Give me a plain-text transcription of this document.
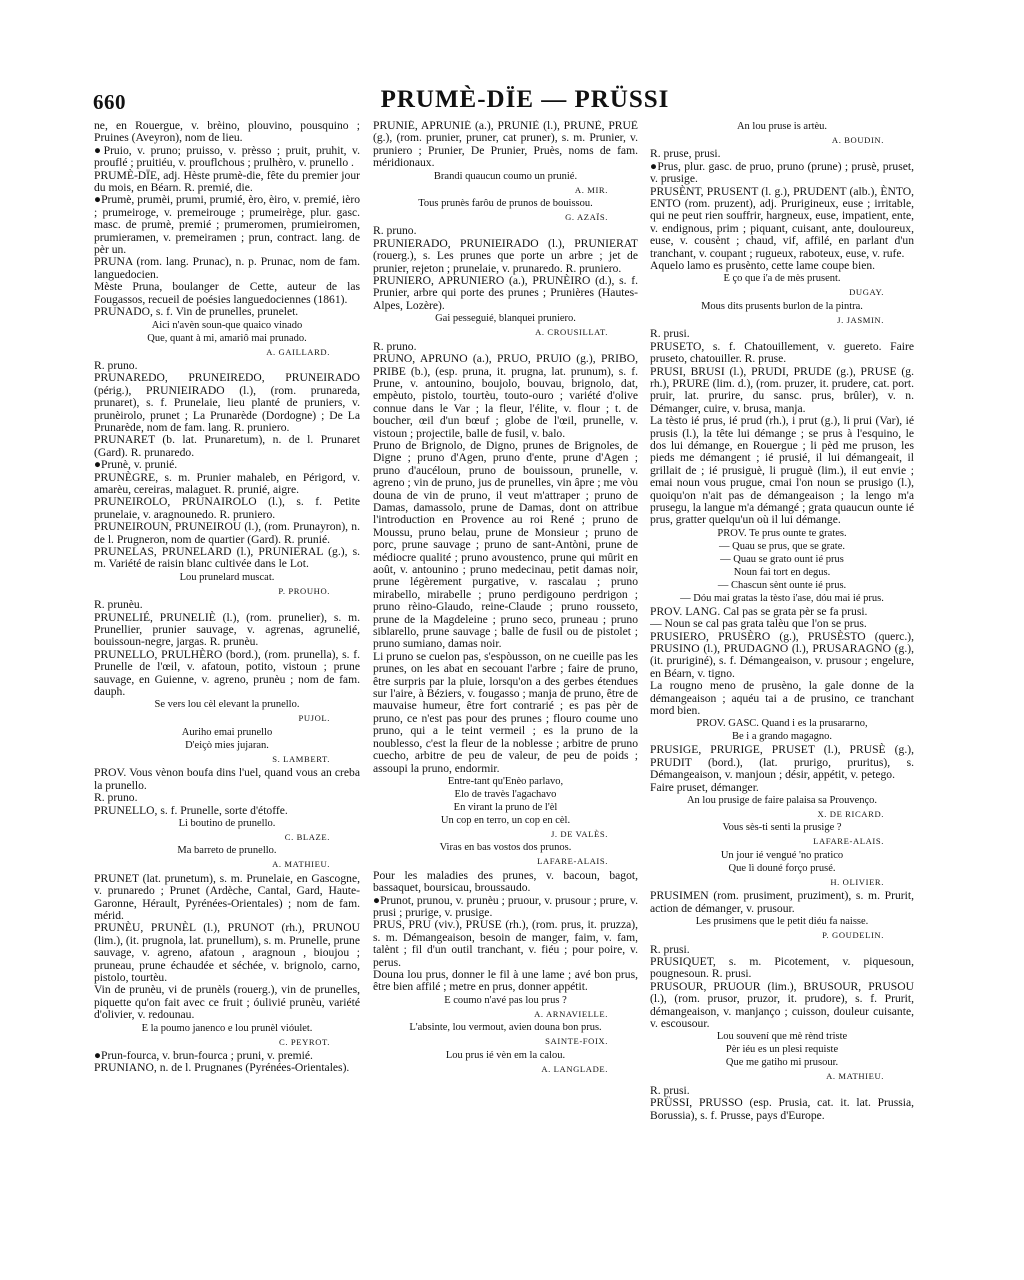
660	PRUMÈ-DÏE — PRÜSSI

ne, en Rouergue, v. brèino, plouvino, pousquino ; Pruines (Aveyron), nom de lieu.

●Pruio, v. pruno; pruisso, v. prèsso ; pruit, pruhit, v. prouflé ; pruitiéu, v. prouflchous ; prulhèro, v. prunello .

PRUMÈ-DÏE, adj. Hèste prumè-die, fête du premier jour du mois, en Béarn. R. premié, die.

●Prumè, prumèi, prumi, prumié, èro, èiro, v. premié, ièro ; prumeiroge, v. premeirouge ; prumeirège, plur. gasc. masc. de prumè, premié ; prumeromen, prumieiromen, prumieramen, v. premeiramen ; prun, contract. lang. de pèr un.

PRUNA (rom. lang. Prunac), n. p. Prunac, nom de fam. languedocien.

Mèste Pruna, boulanger de Cette, auteur de las Fougassos, recueil de poésies languedociennes (1861).

PRUNADO, s. f. Vin de prunelles, prunelet.

Aici n'avèn soun-que quaico vinado

Que, quant à mi, amariô mai prunado.

A. GAILLARD.

R. pruno.

PRUNAREDO, PRUNEIREDO, PRUNEIRADO (périg.), PRUNIEIRADO (l.), (rom. prunareda, prunaret), s. f. Prunelaie, lieu planté de pruniers, v. prunèirolo, prunet ; La Prunarède (Dordogne) ; De La Prunarède, nom de fam. lang. R. pruniero.

PRUNARET (b. lat. Prunaretum), n. de l. Prunaret (Gard). R. prunaredo.

●Prunè, v. prunié.

PRUNÈGRE, s. m. Prunier mahaleb, en Périgord, v. amarèu, cereiras, malaguet. R. prunié, aigre.

PRUNEIROLO, PRUNAIROLO (l.), s. f. Petite prunelaie, v. aragnounedo. R. pruniero.

PRUNEIROUN, PRUNEIROU (l.), (rom. Prunayron), n. de l. Prugneron, nom de quartier (Gard). R. prunié.

PRUNELAS, PRUNELARD (l.), PRUNIERAL (g.), s. m. Variété de raisin blanc cultivée dans le Lot.

Lou prunelard muscat.

P. PROUHO.

R. prunèu.

PRUNELIÉ, PRUNELIÈ (l.), (rom. prunelier), s. m. Prunellier, prunier sauvage, v. agrenas, agrunelié, bouissoun-negre, jargas. R. prunèu.

PRUNELLO, PRULHÈRO (bord.), (rom. prunella), s. f. Prunelle de l'œil, v. afatoun, potito, vistoun ; prune sauvage, en Guienne, v. agreno, prunèu ; nom de fam. dauph.

Se vers lou cèl elevant la prunello.

PUJOL.

Auriho emai prunello

D'eiçò mies jujaran.

S. LAMBERT.

PROV. Vous vènon boufa dins l'uel, quand vous an creba la prunello.

R. pruno.

PRUNELLO, s. f. Prunelle, sorte d'étoffe.

Li boutino de prunello.

C. BLAZE.

Ma barreto de prunello.

A. MATHIEU.

PRUNET (lat. prunetum), s. m. Prunelaie, en Gascogne, v. prunaredo ; Prunet (Ardèche, Cantal, Gard, Haute-Garonne, Hérault, Pyrénées-Orientales) ; nom de fam. mérid.

PRUNÈU, PRUNÈL (l.), PRUNOT (rh.), PRUNOU (lim.), (it. prugnola, lat. prunellum), s. m. Prunelle, prune sauvage, v. agreno, afatoun , aragnoun , bioujou ; pruneau, prune échaudée et séchée, v. brignolo, carno, pistolo, tourtèu.

Vin de prunèu, vi de prunèls (rouerg.), vin de prunelles, piquette qu'on fait avec ce fruit ; óulivié prunèu, variété d'olivier, v. redounau.

E la poumo janenco e lou prunèl vióulet.

C. PEYROT.

●Prun-fourca, v. brun-fourca ; pruni, v. premié.

PRUNIANO, n. de l. Prugnanes (Pyrénées-Orientales).

PRUNIÉ, APRUNIÉ (a.), PRUNIÈ (l.), PRUNÈ, PRUÈ (g.), (rom. prunier, pruner, cat pruner), s. m. Prunier, v. pruniero ; Prunier, De Prunier, Pruès, noms de fam. méridionaux.

Brandi quaucun coumo un prunié.

A. MIR.

Tous prunès farôu de prunos de bouissou.

G. AZAÏS.

R. pruno.

PRUNIERADO, PRUNIEIRADO (l.), PRUNIERAT (rouerg.), s. Les prunes que porte un arbre ; jet de prunier, rejeton ; prunelaie, v. prunaredo. R. pruniero.

PRUNIERO, APRUNIERO (a.), PRUNÈIRO (d.), s. f. Prunier, arbre qui porte des prunes ; Prunières (Hautes-Alpes, Lozère).

Gai pesseguié, blanquei pruniero.

A. CROUSILLAT.

R. pruno.

PRUNO, APRUNO (a.), PRUO, PRUIO (g.), PRIBO, PRIBE (b.), (esp. pruna, it. prugna, lat. prunum), s. f. Prune, v. antounino, boujolo, bouvau, brignolo, dat, empèuto, pistolo, tourtèu, touto-ouro ; variété d'olive connue dans le Var ; la fleur, l'élite, v. flour ; t. de boucher, œil d'un bœuf ; globe de l'œil, prunelle, v. vistoun ; projectile, balle de fusil, v. balo.

Pruno de Brignolo, de Digno, prunes de Brignoles, de Digne ; pruno d'Agen, pruno d'ente, prune d'Agen ; pruno d'aucéloun, pruno de bouissoun, prunelle, v. agreno ; vin de pruno, jus de prunelles, vin âpre ; me vòu douna de vin de pruno, il veut m'attraper ; pruno de Damas, damassolo, prune de Damas, dont on attribue l'introduction en Provence au roi René ; pruno de Moussu, pruno belau, prune de Monsieur ; pruno de porc, prune sauvage ; pruno de sant-Antòni, prune de médiocre qualité ; pruno avoustenco, prune qui mûrit en août, v. antounino ; pruno medecinau, petit damas noir, prune légèrement purgative, v. rascalau ; pruno mirabello, mirabelle ; pruno perdigouno perdrigon ; pruno rèino-Glaudo, reine-Claude ; pruno rousseto, prune de la Magdeleine ; pruno seco, pruneau ; pruno siblarello, prune sauvage ; balle de fusil ou de pistolet ; pruno sumiano, damas noir.

Li pruno se cuelon pas, s'espòusson, on ne cueille pas les prunes, on les abat en secouant l'arbre ; faire de pruno, être surpris par la pluie, lorsqu'on a des gerbes étendues sur l'aire, à Béziers, v. fougasso ; manja de pruno, être de mauvaise humeur, être fort contrarié ; es pas pèr de pruno, ce n'est pas pour des prunes ; flouro coume uno pruno, qui a le teint vermeil ; es la pruno de la noublesso, c'est la fleur de la noblesse ; arbitre de pruno cuecho, arbitre de peu de valeur, de peu de poids ; assoupi la pruno, endormir.

Entre-tant qu'Enèo parlavo,

Elo de travès l'agachavo

En virant la pruno de l'èl

Un cop en terro, un cop en cèl.

J. DE VALÈS.

Viras en bas vostos dos prunos.

LAFARE-ALAIS.

Pour les maladies des prunes, v. bacoun, bagot, bassaquet, boursicau, broussaudo.

●Prunot, prunou, v. prunèu ; pruour, v. prusour ; prure, v. prusi ; prurige, v. prusige.

PRUS, PRU (viv.), PRUSE (rh.), (rom. prus, it. pruzza), s. m. Démangeaison, besoin de manger, faim, v. fam, talènt ; fil d'un outil tranchant, v. fiéu ; pour poire, v. perus.

Douna lou prus, donner le fil à une lame ; avé bon prus, être bien affilé ; metre en prus, donner appétit.

E coumo n'avé pas lou prus ?

A. ARNAVIELLE.

L'absinte, lou vermout, avien douna bon prus.

SAINTE-FOIX.

Lou prus ié vèn em la calou.

A. LANGLADE.

An lou pruse is artèu.

A. BOUDIN.

R. pruse, prusi.

●Prus, plur. gasc. de pruo, pruno (prune) ; prusè, pruset, v. prusige.

PRUSÈNT, PRUSENT (l. g.), PRUDENT (alb.), ÈNTO, ENTO (rom. pruzent), adj. Prurigineux, euse ; irritable, qui ne peut rien souffrir, hargneux, euse, impatient, ente, v. endignous, prim ; piquant, cuisant, ante, douloureux, euse, v. cousènt ; chaud, vif, affilé, en parlant d'un tranchant, v. coupant ; rugueux, raboteux, euse, v. rufe.

Aquelo lamo es prusènto, cette lame coupe bien.

E ço que i'a de mès prusent.

DUGAY.

Mous dits prusents burlon de la pintra.

J. JASMIN.

R. prusi.

PRUSETO, s. f. Chatouillement, v. guereto. Faire pruseto, chatouiller. R. pruse.

PRUSI, BRUSI (l.), PRUDI, PRUDE (g.), PRUSE (g. rh.), PRURE (lim. d.), (rom. pruzer, it. prudere, cat. port. pruir, lat. prurire, du sansc. prus, brûler), v. n. Démanger, cuire, v. brusa, manja.

La tèsto ié prus, ié prud (rh.), i prut (g.), li prui (Var), ié prusis (l.), la tête lui démange ; se prus à l'esquino, le dos lui démange, en Rouergue ; li pèd me pruson, les pieds me démangent ; ié prusié, il lui démangeait, il grillait de ; ié prusiguè, li pruguè (lim.), il eut envie ; emai noun vous prugue, cmai l'on noun se prusigo (l.), quoiqu'on n'ait pas de démangeaison ; la lengo m'a prusegu, la langue m'a démangé ; grata quaucun ounte ié prus, gratter quelqu'un où il lui démange.

PROV. Te prus ounte te grates.

— Quau se prus, que se grate.

— Quau se grato ount ié prus

Noun fai tort en degus.

— Chascun sènt ounte ié prus.

— Dóu mai gratas la tèsto i'ase, dóu mai ié prus.

PROV. LANG. Cal pas se grata pèr se fa prusi.

— Noun se cal pas grata talèu que l'on se prus.

PRUSIERO, PRUSÈRO (g.), PRUSÈSTO (querc.), PRUSINO (l.), PRUDAGNO (l.), PRUSARAGNO (g.), (it. pruriginé), s. f. Démangeaison, v. prusour ; engelure, en Béarn, v. tigno.

La rougno meno de prusèno, la gale donne de la démangeaison ; aquéu tai a de prusino, ce tranchant mord bien.

PROV. GASC. Quand i es la prusarагno,

Be i a grando magagno.

PRUSIGE, PRURIGE, PRUSET (l.), PRUSÈ (g.), PRUDIT (bord.), (lat. prurigo, pruritus), s. Démangeaison, v. manjoun ; désir, appétit, v. petego.

Faire pruset, démanger.

An lou prusige de faire palaisa sa Prouvenço.

X. DE RICARD.

Vous sès-ti senti la prusige ?

LAFARE-ALAIS.

Un jour ié vengué 'no pratico

Que lì douné forço prusé.

H. OLIVIER.

PRUSIMEN (rom. prusiment, pruziment), s. m. Prurit, action de démanger, v. prusour.

Les prusimens que le petit diéu fa naisse.

P. GOUDELIN.

R. prusi.

PRUSIQUET, s. m. Picotement, v. piquesoun, pougnesoun. R. prusi.

PRUSOUR, PRUOUR (lim.), BRUSOUR, PRUSOU (l.), (rom. prusor, pruzor, it. prudore), s. f. Prurit, démangeaison, v. manjanço ; cuisson, douleur cuisante, v. escousour.

Lou souvení que mè rènd triste

Pèr iéu es un plesi requiste

Que me gatiho mi prusour.

A. MATHIEU.

R. prusi.

PRÜSSI, PRUSSO (esp. Prusia, cat. it. lat. Prussia, Borussia), s. f. Prusse, pays d'Europe.
